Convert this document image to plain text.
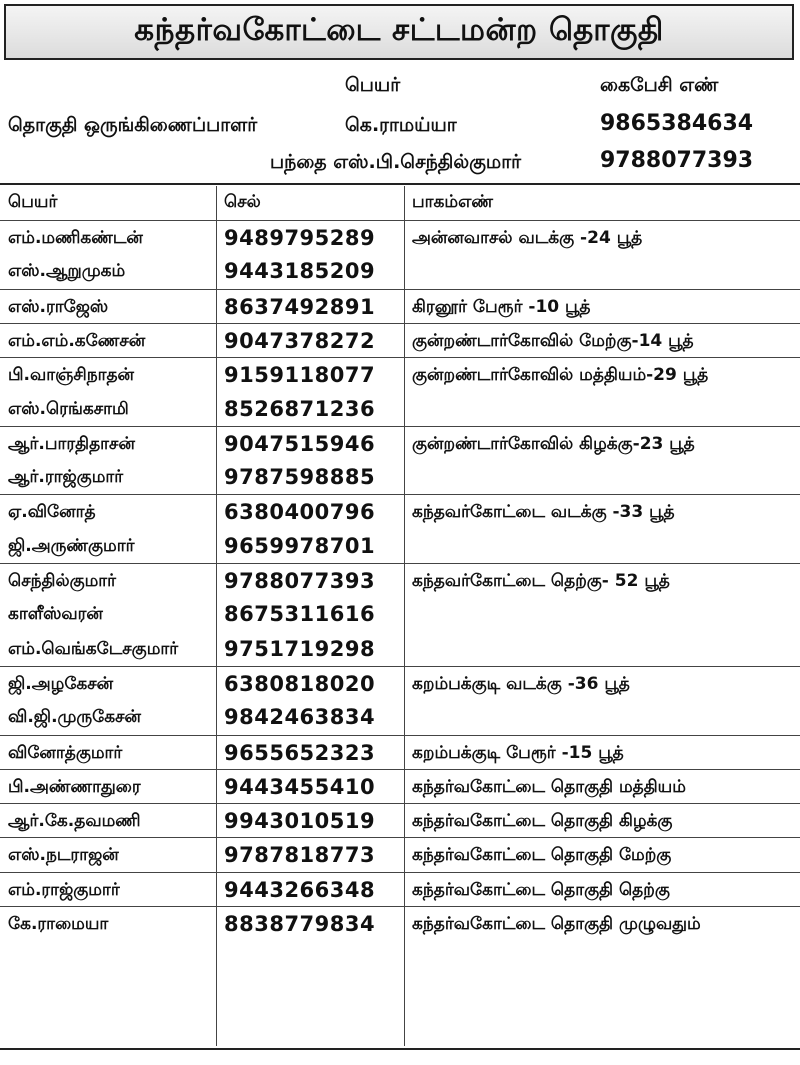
கந்தர்வகோட்டை சட்டமன்ற தொகுதி
பெயர்	கைபேசி எண்
தொகுதி ஒருங்கிணைப்பாளர்	கெ.ராமய்யா	9865384634
பந்தை எஸ்.பி.செந்தில்குமார்	9788077393
பெயர்	செல்	பாகம்எண்
எம்.மணிகண்டன்	9489795289 அன்னவாசல் வடக்கு -24 பூத்
எஸ்.ஆறுமுகம்	9443185209
எஸ்.ராஜேஸ்	8637492891 கிரனூர் பேரூர் -10 பூத்
எம்.எம்.கணேசன்	9047378272 குன்றண்டார்கோவில் மேற்கு-14 பூத்
பி.வாஞ்சிநாதன்	9159118077 குன்றண்டார்கோவில் மத்தியம்-29 பூத்
எஸ்.ரெங்கசாமி	8526871236
ஆர்.பாரதிதாசன்	9047515946 குன்றண்டார்கோவில் கிழக்கு-23 பூத்
ஆர்.ராஜ்குமார்	9787598885
ஏ.வினோத்	6380400796 கந்தவர்கோட்டை வடக்கு -33 பூத்
ஜி.அருண்குமார்	9659978701
செந்தில்குமார்	9788077393 கந்தவர்கோட்டை தெற்கு- 52 பூத்
காளீஸ்வரன்	8675311616
எம்.வெங்கடேசகுமார் 9751719298
ஜி.அழகேசன்	6380818020 கறம்பக்குடி வடக்கு -36 பூத்
வி.ஜி.முருகேசன்	9842463834
வினோத்குமார்	9655652323 கறம்பக்குடி பேரூர் -15 பூத்
பி.அண்ணாதுரை	9443455410 கந்தர்வகோட்டை தொகுதி மத்தியம்
ஆர்.கே.தவமணி	9943010519 கந்தர்வகோட்டை தொகுதி கிழக்கு
எஸ்.நடராஜன்	9787818773 கந்தர்வகோட்டை தொகுதி மேற்கு
எம்.ராஜ்குமார்	9443266348 கந்தர்வகோட்டை தொகுதி தெற்கு
கே.ராமையா	8838779834 கந்தர்வகோட்டை தொகுதி முழுவதும்
